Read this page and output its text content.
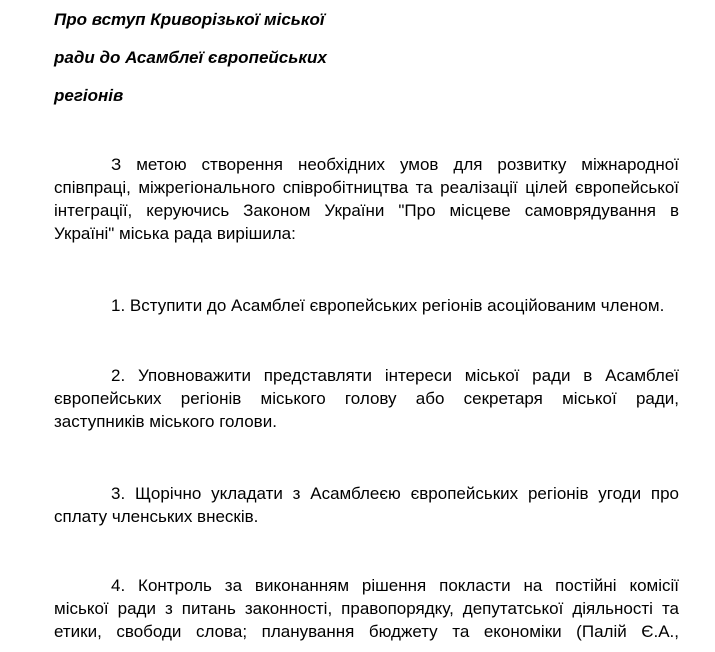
Про вступ Криворізької міської
ради до Асамблеї європейських
регіонів
З метою створення необхідних умов для розвитку міжнародної
співпраці, міжрегіонального співробітництва та реалізації цілей європейської
інтеграції, керуючись Законом України "Про місцеве самоврядування в
Україні" міська рада вирішила:
1. Вступити до Асамблеї європейських регіонів асоційованим членом.
2. Уповноважити представляти інтереси міської ради в Асамблеї
європейських регіонів міського голову або секретаря міської ради,
заступників міського голови.
3. Щорічно укладати з Асамблеєю європейських регіонів угоди про
сплату членських внесків.
4. Контроль за виконанням рішення покласти на постійні комісії
міської ради з питань законності, правопорядку, депутатської діяльності та
етики, свободи слова; планування бюджету та економіки (Палій Є.А.,
